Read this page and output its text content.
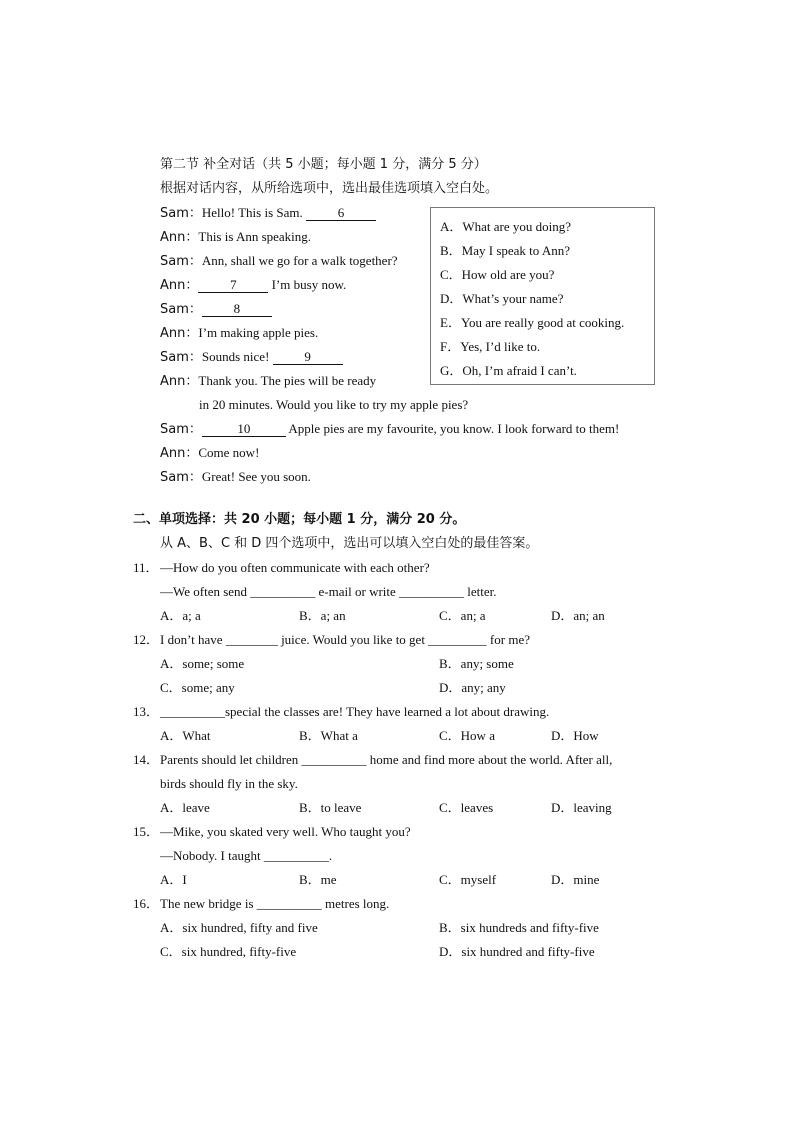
第二节 补全对话（共 5 小题；每小题 1 分，满分 5 分）
根据对话内容，从所给选项中，选出最佳选项填入空白处。
Sam：Hello! This is Sam. 6
Ann：This is Ann speaking.
Sam：Ann, shall we go for a walk together?
Ann： 7 I’m busy now.
Sam： 8
Ann：I’m making apple pies.
Sam：Sounds nice! 9
Ann：Thank you. The pies will be ready
in 20 minutes. Would you like to try my apple pies?
Sam：	10	Apple pies are my favourite, you know. I look forward to them!
Ann：Come now!
Sam：Great! See you soon.
A．What are you doing?
B．May I speak to Ann?
C．How old are you?
D．What’s your name?
E．You are really good at cooking.
F．Yes, I’d like to.
G．Oh, I’m afraid I can’t.
二、单项选择：共 20 小题；每小题 1 分，满分 20 分。
从 A、B、C 和 D 四个选项中，选出可以填入空白处的最佳答案。
11． —How do you often communicate with each other?
—We often send __________ e-mail or write __________ letter.
A．a; a	B．a; an	C．an; a	D．an; an
12． I don’t have ________ juice. Would you like to get _________ for me?
A．some; some	B．any; some
C．some; any	D．any; any
13． __________special the classes are! They have learned a lot about drawing.
A．What	B．What a	C．How a	D．How
14． Parents should let children __________ home and find more about the world. After all,
birds should fly in the sky.
A．leave	B．to leave	C．leaves	D．leaving
15． —Mike, you skated very well. Who taught you?
—Nobody. I taught __________.
A．I	B．me	C．myself	D．mine
16． The new bridge is __________ metres long.
A．six hundred, fifty and five	B．six hundreds and fifty-five
C．six hundred, fifty-five	D．six hundred and fifty-five
